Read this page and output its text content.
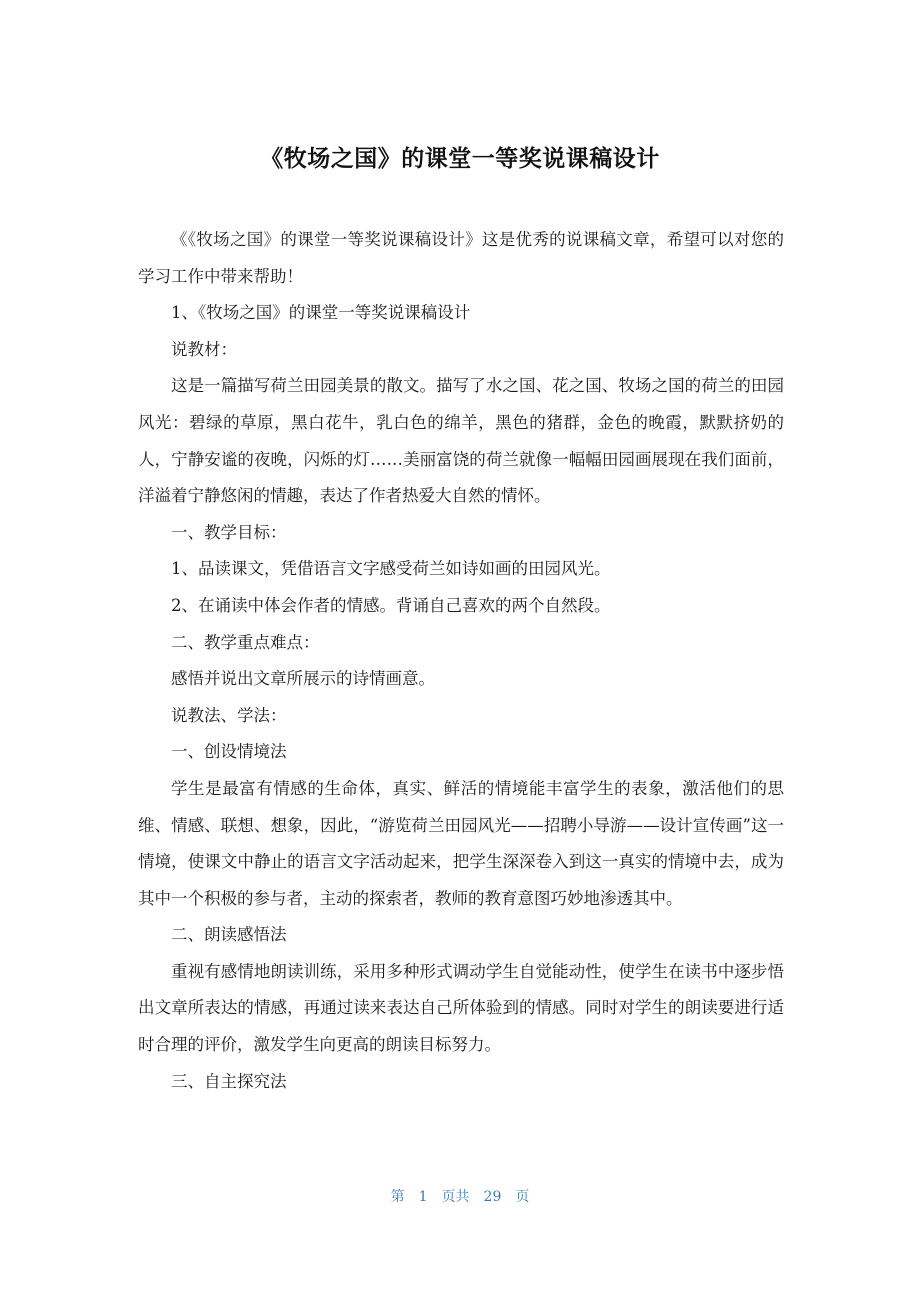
《牧场之国》的课堂一等奖说课稿设计

《《牧场之国》的课堂一等奖说课稿设计》这是优秀的说课稿文章，希望可以对您的学习工作中带来帮助！

1、《牧场之国》的课堂一等奖说课稿设计

说教材：

这是一篇描写荷兰田园美景的散文。描写了水之国、花之国、牧场之国的荷兰的田园风光：碧绿的草原，黑白花牛，乳白色的绵羊，黑色的猪群，金色的晚霞，默默挤奶的人，宁静安谧的夜晚，闪烁的灯……美丽富饶的荷兰就像一幅幅田园画展现在我们面前，洋溢着宁静悠闲的情趣，表达了作者热爱大自然的情怀。

一、教学目标：

1、品读课文，凭借语言文字感受荷兰如诗如画的田园风光。

2、在诵读中体会作者的情感。背诵自己喜欢的两个自然段。

二、教学重点难点：

感悟并说出文章所展示的诗情画意。

说教法、学法：

一、创设情境法

学生是最富有情感的生命体，真实、鲜活的情境能丰富学生的表象，激活他们的思维、情感、联想、想象，因此，“游览荷兰田园风光——招聘小导游——设计宣传画”这一情境，使课文中静止的语言文字活动起来，把学生深深卷入到这一真实的情境中去，成为其中一个积极的参与者，主动的探索者，教师的教育意图巧妙地渗透其中。

二、朗读感悟法

重视有感情地朗读训练，采用多种形式调动学生自觉能动性，使学生在读书中逐步悟出文章所表达的情感，再通过读来表达自己所体验到的情感。同时对学生的朗读要进行适时合理的评价，激发学生向更高的朗读目标努力。

三、自主探究法

第 1 页共 29 页
